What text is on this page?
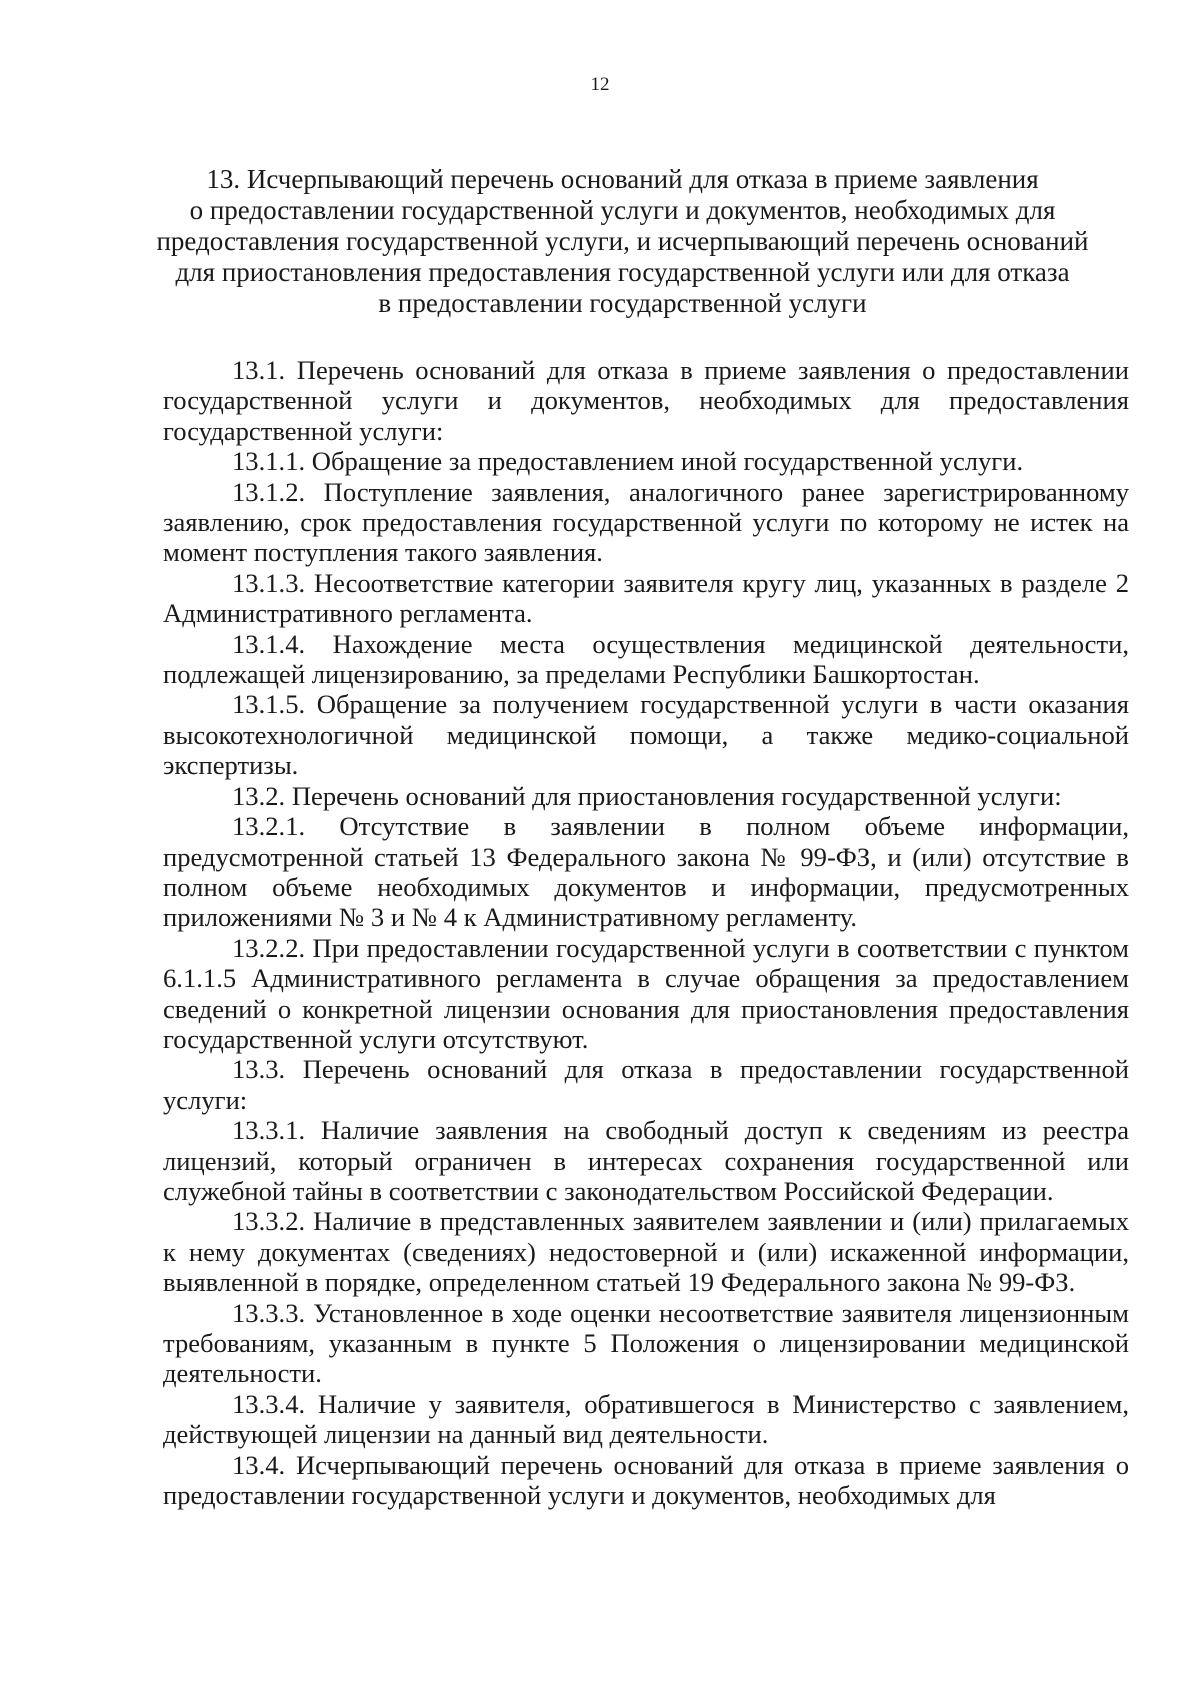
12
13. Исчерпывающий перечень оснований для отказа в приеме заявления
о предоставлении государственной услуги и документов, необходимых для
предоставления государственной услуги, и исчерпывающий перечень оснований
для приостановления предоставления государственной услуги или для отказа
в предоставлении государственной услуги

13.1. Перечень оснований для отказа в приеме заявления о предоставлении государственной услуги и документов, необходимых для предоставления государственной услуги:

13.1.1. Обращение за предоставлением иной государственной услуги.

13.1.2. Поступление заявления, аналогичного ранее зарегистрированному заявлению, срок предоставления государственной услуги по которому не истек на момент поступления такого заявления.

13.1.3. Несоответствие категории заявителя кругу лиц, указанных в разделе 2 Административного регламента.

13.1.4. Нахождение места осуществления медицинской деятельности, подлежащей лицензированию, за пределами Республики Башкортостан.

13.1.5. Обращение за получением государственной услуги в части оказания высокотехнологичной медицинской помощи, а также медико-социальной экспертизы.

13.2. Перечень оснований для приостановления государственной услуги:

13.2.1. Отсутствие в заявлении в полном объеме информации, предусмотренной статьей 13 Федерального закона № 99-ФЗ, и (или) отсутствие в полном объеме необходимых документов и информации, предусмотренных приложениями № 3 и № 4 к Административному регламенту.

13.2.2. При предоставлении государственной услуги в соответствии с пунктом 6.1.1.5 Административного регламента в случае обращения за предоставлением сведений о конкретной лицензии основания для приостановления предоставления государственной услуги отсутствуют.

13.3. Перечень оснований для отказа в предоставлении государственной услуги:

13.3.1. Наличие заявления на свободный доступ к сведениям из реестра лицензий, который ограничен в интересах сохранения государственной или служебной тайны в соответствии с законодательством Российской Федерации.

13.3.2. Наличие в представленных заявителем заявлении и (или) прилагаемых к нему документах (сведениях) недостоверной и (или) искаженной информации, выявленной в порядке, определенном статьей 19 Федерального закона № 99-ФЗ.

13.3.3. Установленное в ходе оценки несоответствие заявителя лицензионным требованиям, указанным в пункте 5 Положения о лицензировании медицинской деятельности.

13.3.4. Наличие у заявителя, обратившегося в Министерство с заявлением, действующей лицензии на данный вид деятельности.

13.4. Исчерпывающий перечень оснований для отказа в приеме заявления о предоставлении государственной услуги и документов, необходимых для
